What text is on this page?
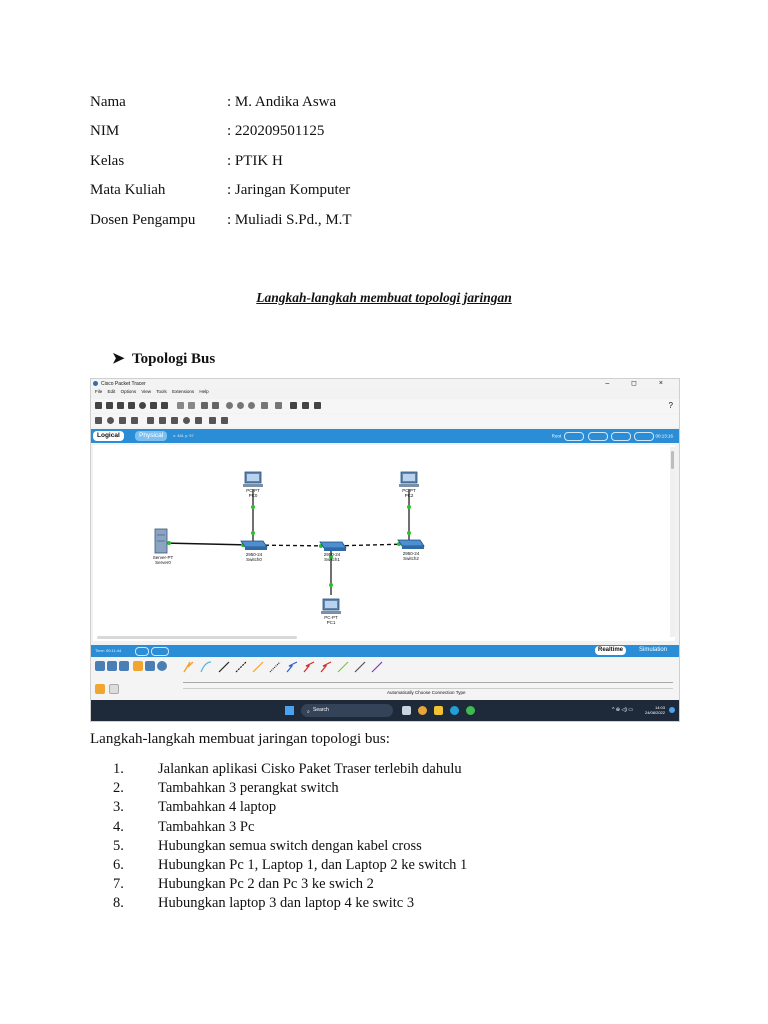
Nama	: M. Andika Aswa
NIM	: 220209501125
Kelas	: PTIK H
Mata Kuliah	: Jaringan Komputer
Dosen Pengampu : Muliadi S.Pd., M.T
Langkah-langkah membuat topologi jaringan
➤ Topologi Bus
Cisco Packet Tracer	– ◻ ×
File Edit Options View Tools Extensions Help
?
Logical	Physical	x: 461 y: 97	Root	00:13:16
PC-PT
PC0
PC-PT
PC2
Server-PT
Server0
2950-24
Switch0
2950-24
Switch1
2950-24
Switch2
PC-PT
PC1
Time: 00:11:44	Realtime	Simulation
Automatically Choose Connection Type
Search
⌕	^ ⊕ ◁) ▭	14:03
24/08/2022
Langkah-langkah membuat jaringan topologi bus:
1. Jalankan aplikasi Cisko Paket Traser terlebih dahulu
2. Tambahkan 3 perangkat switch
3. Tambahkan 4 laptop
4. Tambahkan 3 Pc
5. Hubungkan semua switch dengan kabel cross
6. Hubungkan Pc 1, Laptop 1, dan Laptop 2 ke switch 1
7. Hubungkan Pc 2 dan Pc 3 ke swich 2
8. Hubungkan laptop 3 dan laptop 4 ke switc 3
